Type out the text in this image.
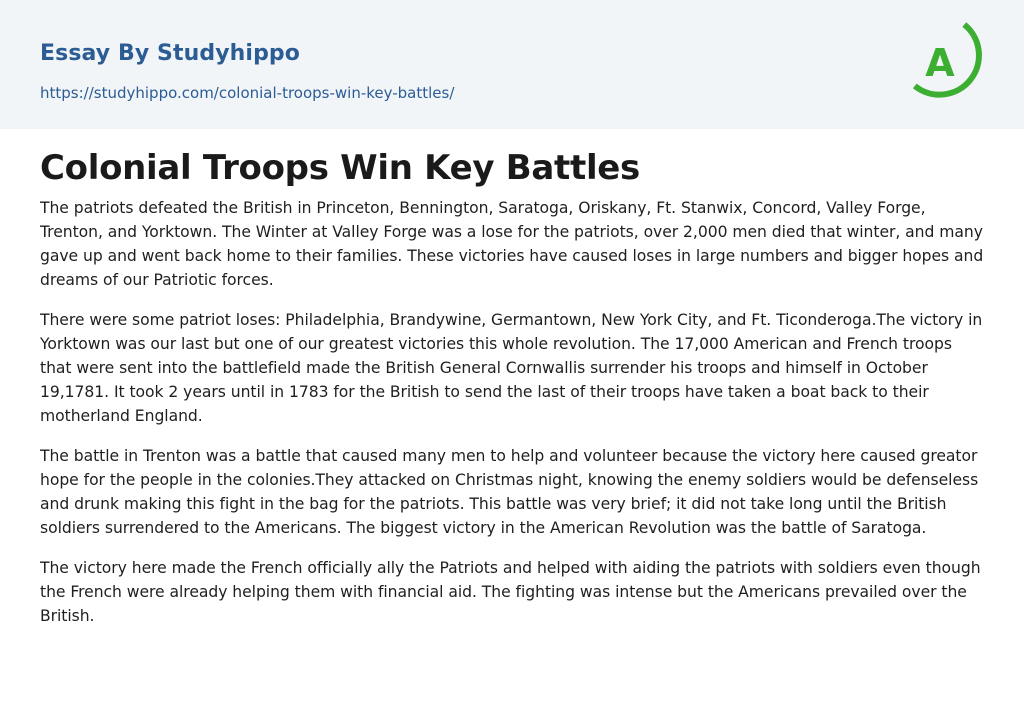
Essay By Studyhippo
https://studyhippo.com/colonial-troops-win-key-battles/
A
Colonial Troops Win Key Battles

The patriots defeated the British in Princeton, Bennington, Saratoga, Oriskany, Ft. Stanwix, Concord, Valley Forge, Trenton, and Yorktown. The Winter at Valley Forge was a lose for the patriots, over 2,000 men died that winter, and many gave up and went back home to their families. These victories have caused loses in large numbers and bigger hopes and dreams of our Patriotic forces.

There were some patriot loses: Philadelphia, Brandywine, Germantown, New York City, and Ft. Ticonderoga.The victory in Yorktown was our last but one of our greatest victories this whole revolution. The 17,000 American and French troops that were sent into the battlefield made the British General Cornwallis surrender his troops and himself in October 19,1781. It took 2 years until in 1783 for the British to send the last of their troops have taken a boat back to their motherland England.

The battle in Trenton was a battle that caused many men to help and volunteer because the victory here caused greator hope for the people in the colonies.They attacked on Christmas night, knowing the enemy soldiers would be defenseless and drunk making this fight in the bag for the patriots. This battle was very brief; it did not take long until the British soldiers surrendered to the Americans. The biggest victory in the American Revolution was the battle of Saratoga.

The victory here made the French officially ally the Patriots and helped with aiding the patriots with soldiers even though the French were already helping them with financial aid. The fighting was intense but the Americans prevailed over the British.
